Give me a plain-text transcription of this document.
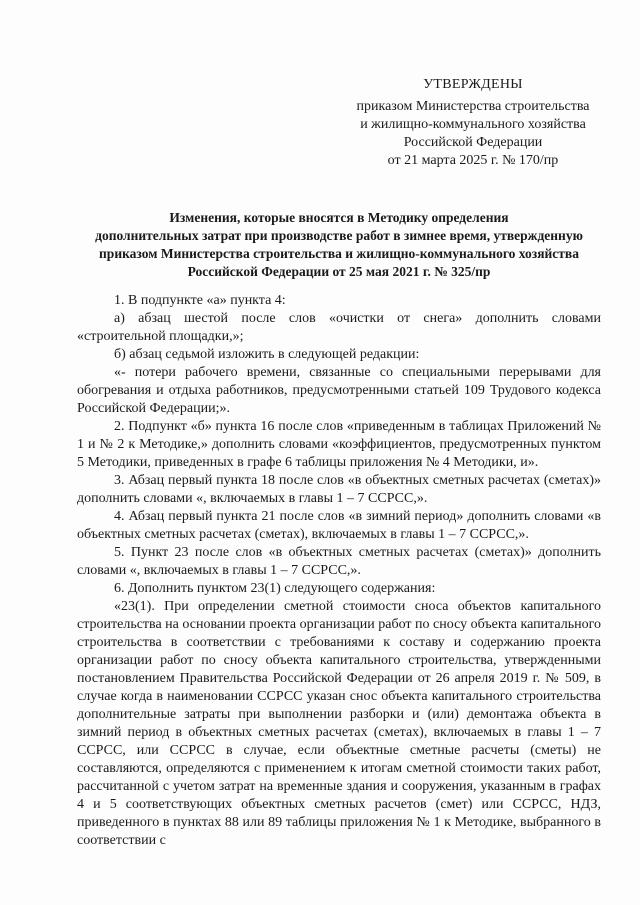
УТВЕРЖДЕНЫ
приказом Министерства строительства
и жилищно-коммунального хозяйства
Российской Федерации
от 21 марта 2025 г. № 170/пр
Изменения, которые вносятся в Методику определения
дополнительных затрат при производстве работ в зимнее время, утвержденную
приказом Министерства строительства и жилищно-коммунального хозяйства
Российской Федерации от 25 мая 2021 г. № 325/пр

1. В подпункте «а» пункта 4:

а) абзац шестой после слов «очистки от снега» дополнить словами «строительной площадки,»;

б) абзац седьмой изложить в следующей редакции:

«- потери рабочего времени, связанные со специальными перерывами для обогревания и отдыха работников, предусмотренными статьей 109 Трудового кодекса Российской Федерации;».

2. Подпункт «б» пункта 16 после слов «приведенным в таблицах Приложений № 1 и № 2 к Методике,» дополнить словами «коэффициентов, предусмотренных пунктом 5 Методики, приведенных в графе 6 таблицы приложения № 4 Методики, и».

3. Абзац первый пункта 18 после слов «в объектных сметных расчетах (сметах)» дополнить словами «, включаемых в главы 1 – 7 ССРСС,».

4. Абзац первый пункта 21 после слов «в зимний период» дополнить словами «в объектных сметных расчетах (сметах), включаемых в главы 1 – 7 ССРСС,».

5. Пункт 23 после слов «в объектных сметных расчетах (сметах)» дополнить словами «, включаемых в главы 1 – 7 ССРСС,».

6. Дополнить пунктом 23(1) следующего содержания:

«23(1). При определении сметной стоимости сноса объектов капитального строительства на основании проекта организации работ по сносу объекта капитального строительства в соответствии с требованиями к составу и содержанию проекта организации работ по сносу объекта капитального строительства, утвержденными постановлением Правительства Российской Федерации от 26 апреля 2019 г. № 509, в случае когда в наименовании ССРСС указан снос объекта капитального строительства дополнительные затраты при выполнении разборки и (или) демонтажа объекта в зимний период в объектных сметных расчетах (сметах), включаемых в главы 1 – 7 ССРСС, или ССРСС в случае, если объектные сметные расчеты (сметы) не составляются, определяются с применением к итогам сметной стоимости таких работ, рассчитанной с учетом затрат на временные здания и сооружения, указанным в графах 4 и 5 соответствующих объектных сметных расчетов (смет) или ССРСС, НДЗ, приведенного в пунктах 88 или 89 таблицы приложения № 1 к Методике, выбранного в соответствии с
